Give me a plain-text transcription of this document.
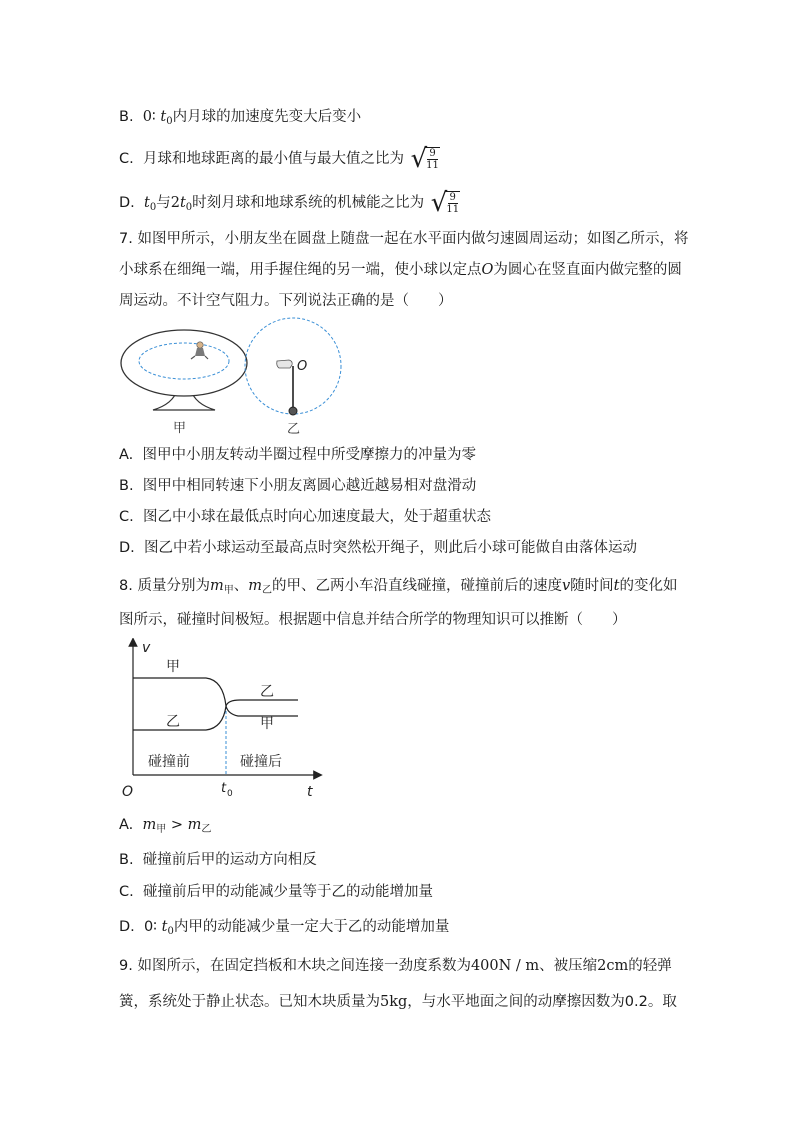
B. 0∶ $t_0$内月球的加速度先变大后变小
C. 月球和地球距离的最小值与最大值之比为 √
$\frac{9}{11}$
D. $t_0$与$2t_0$时刻月球和地球系统的机械能之比为 √
$\frac{9}{11}$
7. 如图甲所示，小朋友坐在圆盘上随盘一起在水平面内做匀速圆周运动；如图乙所示，将
小球系在细绳一端，用手握住绳的另一端，使小球以定点O为圆心在竖直面内做完整的圆
周运动。不计空气阻力。下列说法正确的是（　　）
甲
O
乙
A. 图甲中小朋友转动半圈过程中所受摩擦力的冲量为零
B. 图甲中相同转速下小朋友离圆心越近越易相对盘滑动
C. 图乙中小球在最低点时向心加速度最大，处于超重状态
D. 图乙中若小球运动至最高点时突然松开绳子，则此后小球可能做自由落体运动
8. 质量分别为$m_甲$、$m_乙$的甲、乙两小车沿直线碰撞，碰撞前后的速度v随时间t的变化如
图所示，碰撞时间极短。根据题中信息并结合所学的物理知识可以推断（　　）
v
t
O	t 0
甲
乙
乙
甲
碰撞前	碰撞后
A. $m_甲 > m_乙$
B. 碰撞前后甲的运动方向相反
C. 碰撞前后甲的动能减少量等于乙的动能增加量
D. 0∶ $t_0$内甲的动能减少量一定大于乙的动能增加量
9. 如图所示，在固定挡板和木块之间连接一劲度系数为400N / m、被压缩2cm的轻弹
簧，系统处于静止状态。已知木块质量为5kg，与水平地面之间的动摩擦因数为0.2。取
